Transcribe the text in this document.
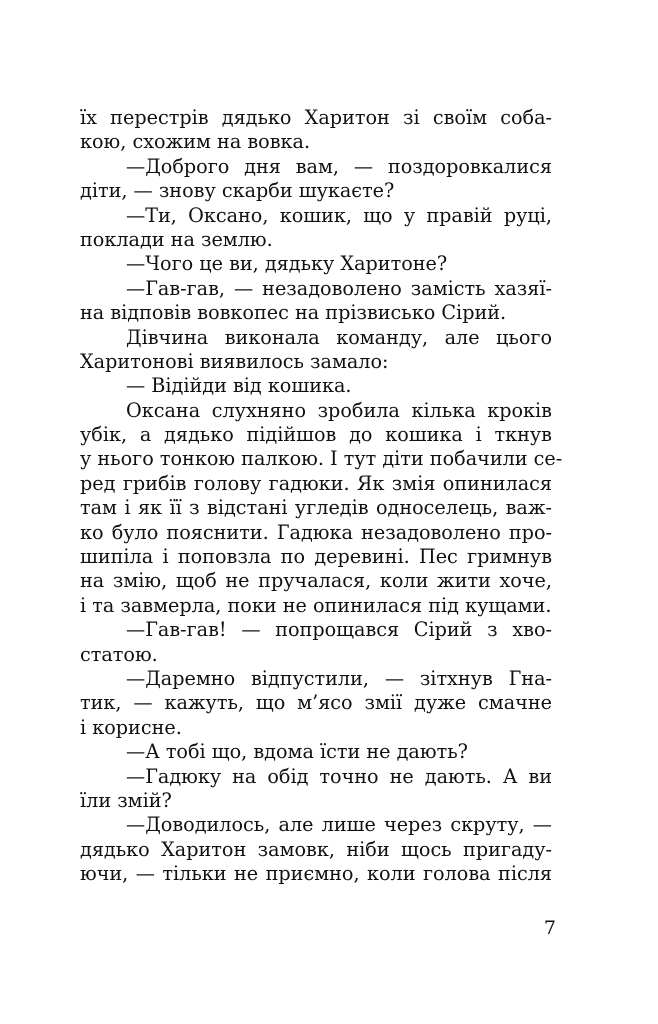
їх перестрів дядько Харитон зі своїм соба-
кою, схожим на вовка.
—Доброго дня вам, — поздоровкалися
діти, — знову скарби шукаєте?
—Ти, Оксано, кошик, що у правій руці,
поклади на землю.
—Чого це ви, дядьку Харитоне?
—Гав-гав, — незадоволено замість хазяї-
на відповів вовкопес на прізвисько Сірий.
Дівчина виконала команду, але цього
Харитонові виявилось замало:
— Відійди від кошика.
Оксана слухняно зробила кілька кроків
убік, а дядько підійшов до кошика і ткнув
у нього тонкою палкою. І тут діти побачили се-
ред грибів голову гадюки. Як змія опинилася
там і як її з відстані угледів односелець, важ-
ко було пояснити. Гадюка незадоволено про-
шипіла і поповзла по деревині. Пес гримнув
на змію, щоб не пручалася, коли жити хоче,
і та завмерла, поки не опинилася під кущами.
—Гав-гав! — попрощався Сірий з хво-
статою.
—Даремно відпустили, — зітхнув Гна-
тик, — кажуть, що м’ясо змії дуже смачне
і корисне.
—А тобі що, вдома їсти не дають?
—Гадюку на обід точно не дають. А ви
їли змій?
—Доводилось, але лише через скруту, —
дядько Харитон замовк, ніби щось пригаду-
ючи, — тільки не приємно, коли голова після
7
